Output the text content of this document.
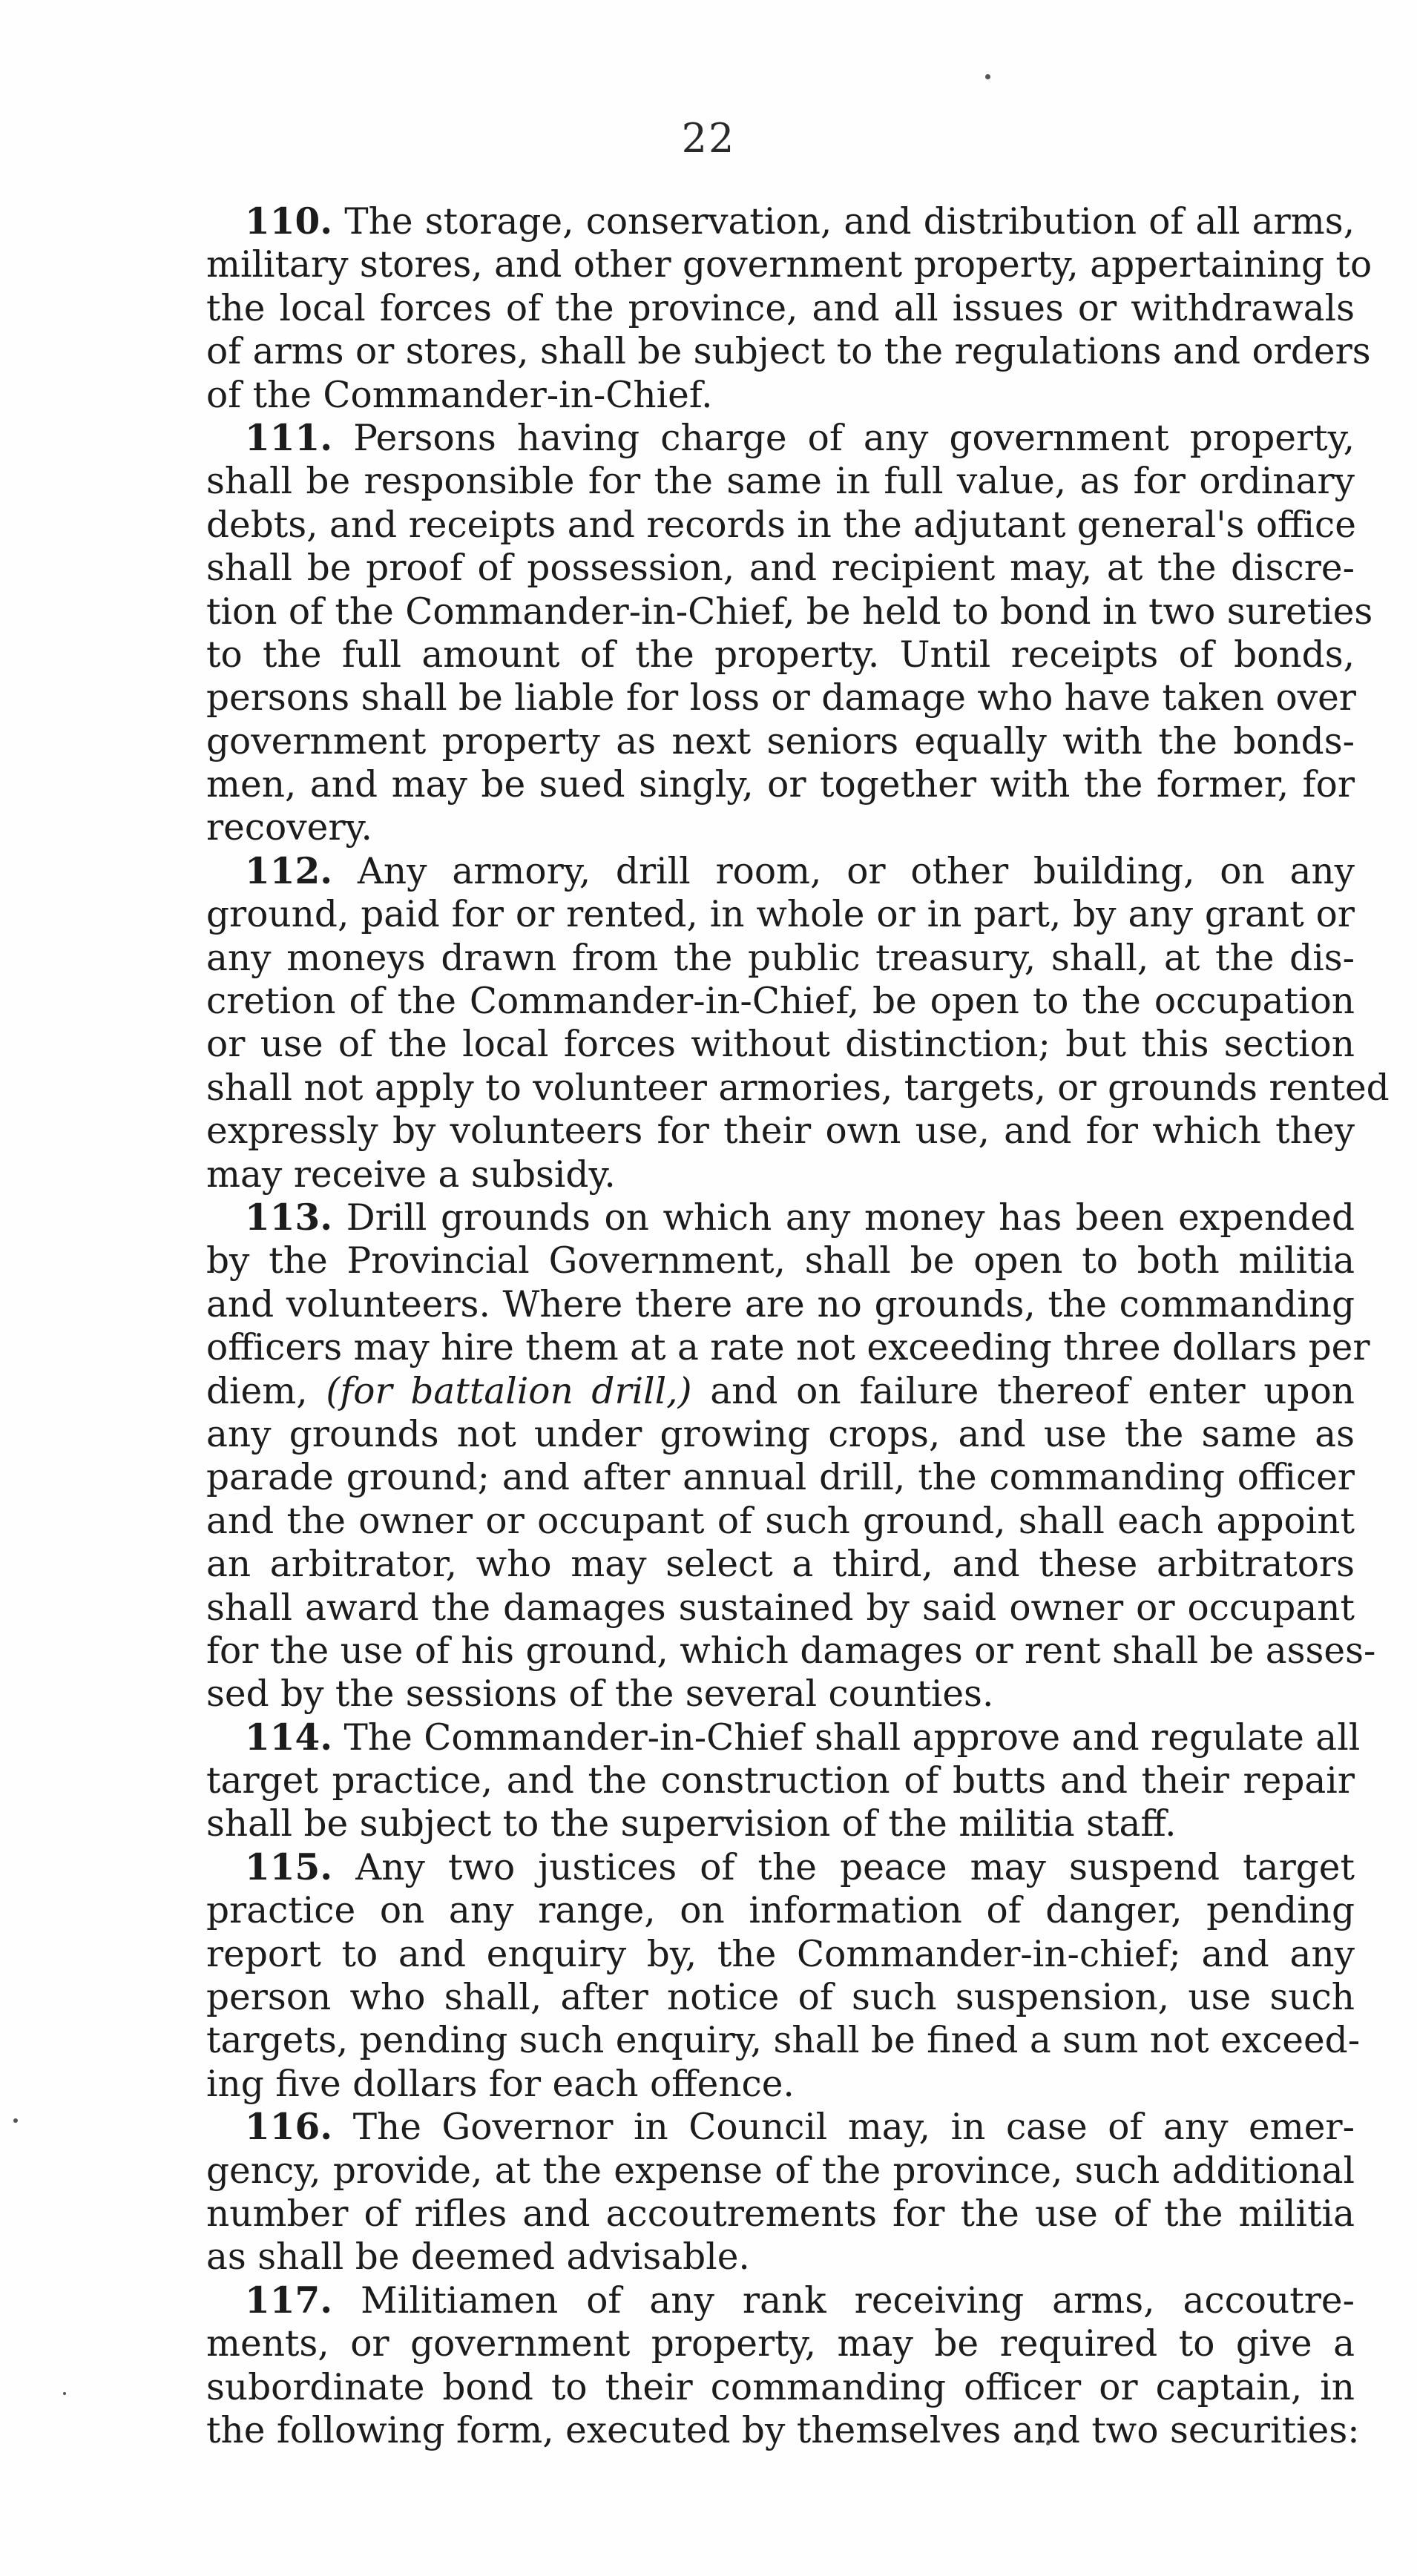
22
110. The storage, conservation, and distribution of all arms,
military stores, and other government property, appertaining to
the local forces of the province, and all issues or withdrawals
of arms or stores, shall be subject to the regulations and orders
of the Commander-in-Chief.
111. Persons having charge of any government property,
shall be responsible for the same in full value, as for ordinary
debts, and receipts and records in the adjutant general's office
shall be proof of possession, and recipient may, at the discre-
tion of the Commander-in-Chief, be held to bond in two sureties
to the full amount of the property. Until receipts of bonds,
persons shall be liable for loss or damage who have taken over
government property as next seniors equally with the bonds-
men, and may be sued singly, or together with the former, for
recovery.
112. Any armory, drill room, or other building, on any
ground, paid for or rented, in whole or in part, by any grant or
any moneys drawn from the public treasury, shall, at the dis-
cretion of the Commander-in-Chief, be open to the occupation
or use of the local forces without distinction; but this section
shall not apply to volunteer armories, targets, or grounds rented
expressly by volunteers for their own use, and for which they
may receive a subsidy.
113. Drill grounds on which any money has been expended
by the Provincial Government, shall be open to both militia
and volunteers. Where there are no grounds, the commanding
officers may hire them at a rate not exceeding three dollars per
diem, (for battalion drill,) and on failure thereof enter upon
any grounds not under growing crops, and use the same as
parade ground; and after annual drill, the commanding officer
and the owner or occupant of such ground, shall each appoint
an arbitrator, who may select a third, and these arbitrators
shall award the damages sustained by said owner or occupant
for the use of his ground, which damages or rent shall be asses-
sed by the sessions of the several counties.
114. The Commander-in-Chief shall approve and regulate all
target practice, and the construction of butts and their repair
shall be subject to the supervision of the militia staff.
115. Any two justices of the peace may suspend target
practice on any range, on information of danger, pending
report to and enquiry by, the Commander-in-chief; and any
person who shall, after notice of such suspension, use such
targets, pending such enquiry, shall be fined a sum not exceed-
ing five dollars for each offence.
116. The Governor in Council may, in case of any emer-
gency, provide, at the expense of the province, such additional
number of rifles and accoutrements for the use of the militia
as shall be deemed advisable.
117. Militiamen of any rank receiving arms, accoutre-
ments, or government property, may be required to give a
subordinate bond to their commanding officer or captain, in
the following form, executed by themselves and two securities:
